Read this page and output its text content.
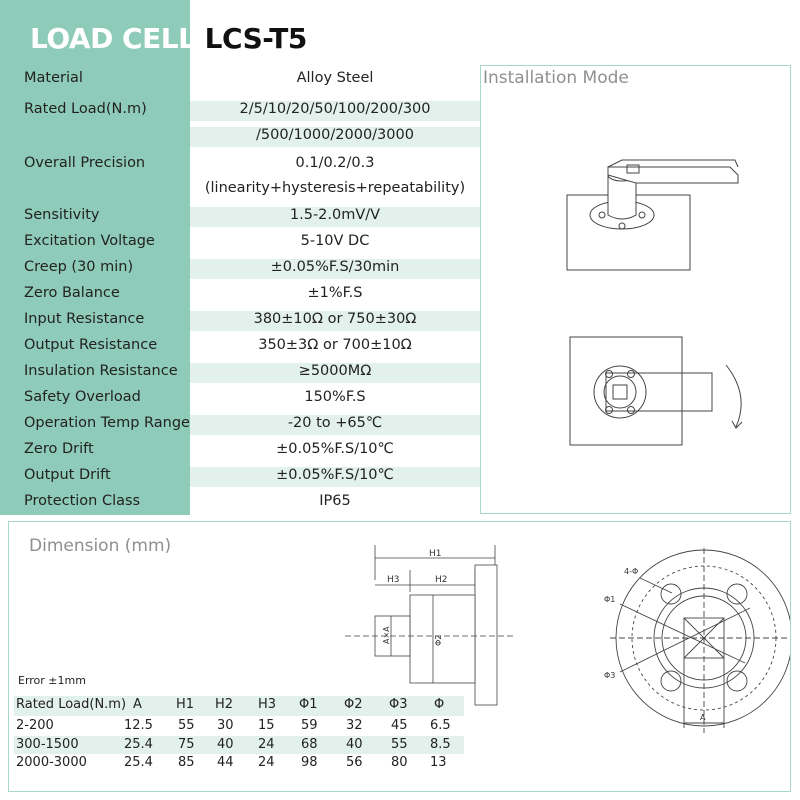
LOAD CELL LCS-T5
Material	Alloy Steel
Rated Load(N.m)	2/5/10/20/50/100/200/300
/500/1000/2000/3000
Overall Precision	0.1/0.2/0.3
(linearity+hysteresis+repeatability)
Sensitivity	1.5-2.0mV/V
Excitation Voltage	5-10V DC
Creep (30 min)	±0.05%F.S/30min
Zero Balance	±1%F.S
Input Resistance	380±10Ω or 750±30Ω
Output Resistance	350±3Ω or 700±10Ω
Insulation Resistance	≥5000MΩ
Safety Overload	150%F.S
Operation Temp Range	-20 to +65℃
Zero Drift	±0.05%F.S/10℃
Output Drift	±0.05%F.S/10℃
Protection Class	IP65
Installation Mode
Dimension (mm)
Error ±1mm
Rated Load(N.m) A	H1 H2 H3 Φ1 Φ2 Φ3 Φ
2-200	12.5 55 30 15 59 32 45 6.5
300-1500	25.4 75 40 24 68 40 55 8.5
2000-3000	25.4 85 44 24 98 56 80 13
H1
H3	H2
A×A	Φ2
4-Φ
Φ1
Φ3
A
